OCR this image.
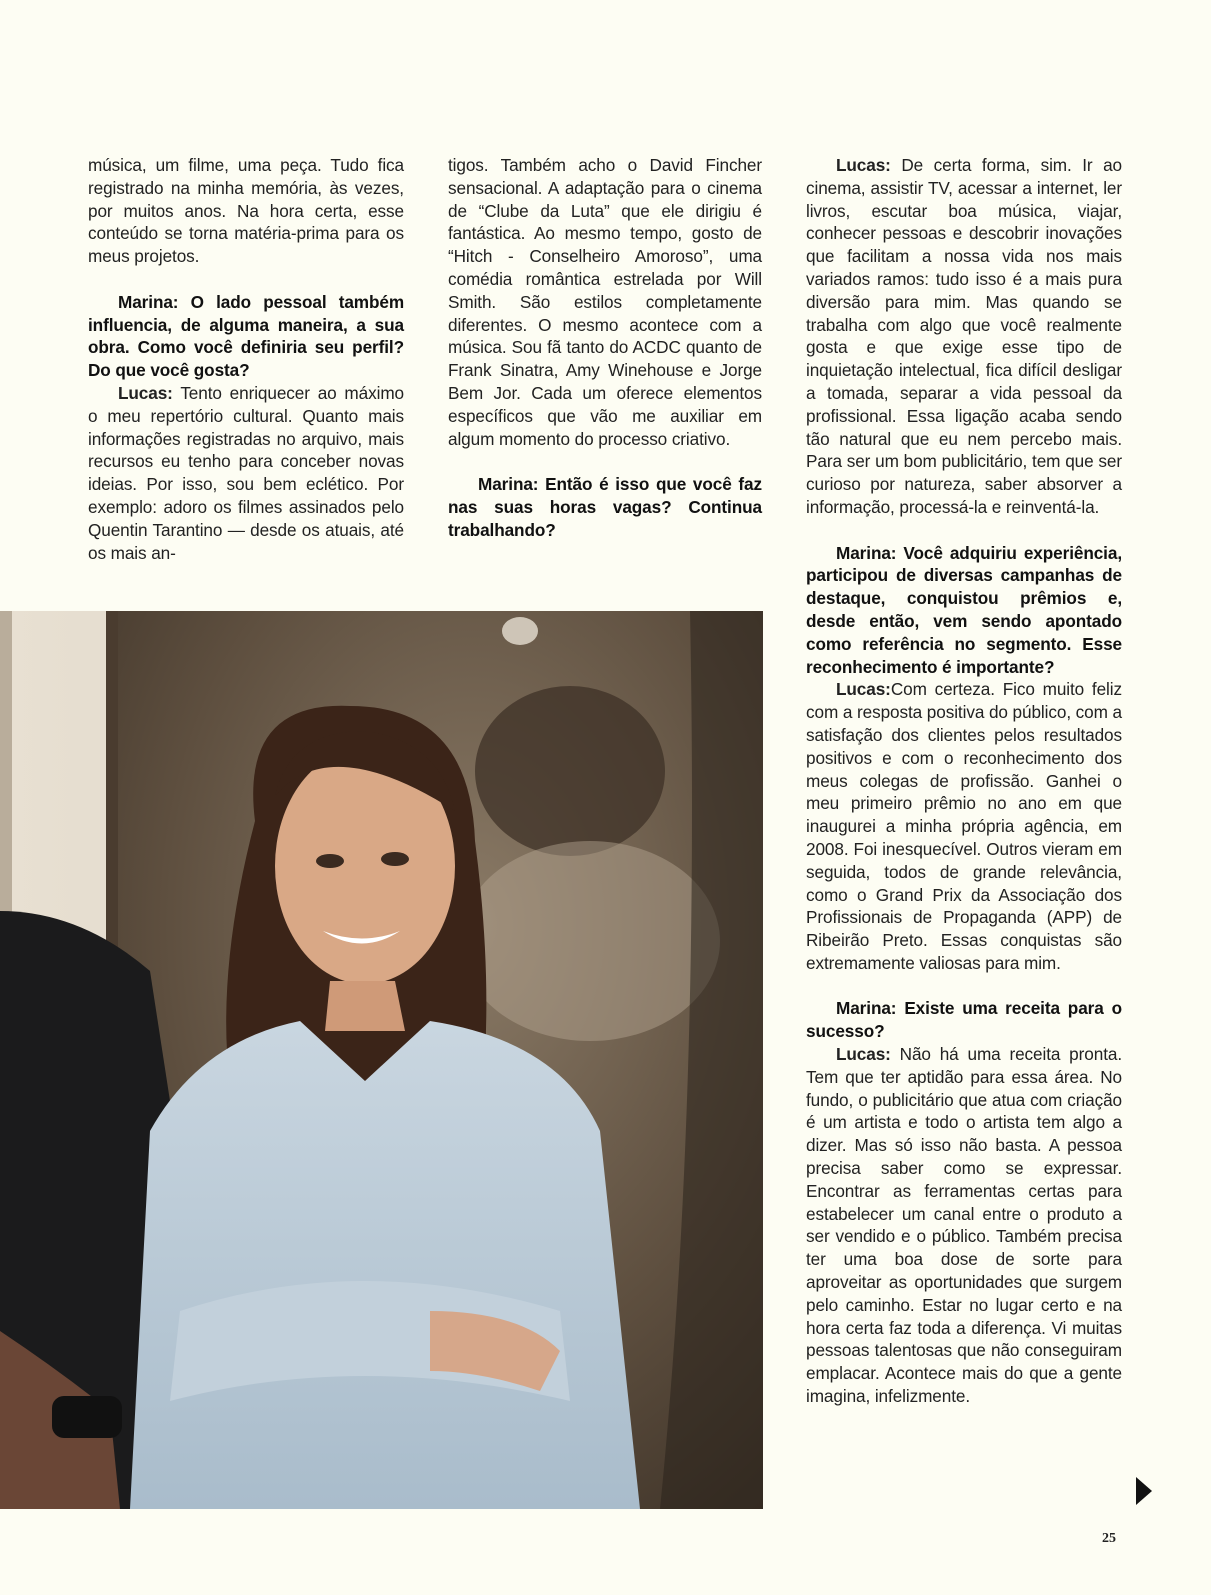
música, um filme, uma peça. Tudo fica registrado na minha memória, às vezes, por muitos anos. Na hora certa, esse conteúdo se torna matéria-prima para os meus projetos.

Marina: O lado pessoal também influencia, de alguma maneira, a sua obra. Como você definiria seu perfil? Do que você gosta?

Lucas: Tento enriquecer ao máximo o meu repertório cultural. Quanto mais informações registradas no arquivo, mais recursos eu tenho para conceber novas ideias. Por isso, sou bem eclético. Por exemplo: adoro os filmes assinados pelo Quentin Tarantino — desde os atuais, até os mais an-

tigos. Também acho o David Fincher sensacional. A adaptação para o cinema de “Clube da Luta” que ele dirigiu é fantástica. Ao mesmo tempo, gosto de “Hitch - Conselheiro Amoroso”, uma comédia romântica estrelada por Will Smith. São estilos completamente diferentes. O mesmo acontece com a música. Sou fã tanto do ACDC quanto de Frank Sinatra, Amy Winehouse e Jorge Bem Jor. Cada um oferece elementos específicos que vão me auxiliar em algum momento do processo criativo.

Marina: Então é isso que você faz nas suas horas vagas? Continua trabalhando?

Lucas: De certa forma, sim. Ir ao cinema, assistir TV, acessar a internet, ler livros, escutar boa música, viajar, conhecer pessoas e descobrir inovações que facilitam a nossa vida nos mais variados ramos: tudo isso é a mais pura diversão para mim. Mas quando se trabalha com algo que você realmente gosta e que exige esse tipo de inquietação intelectual, fica difícil desligar a tomada, separar a vida pessoal da profissional. Essa ligação acaba sendo tão natural que eu nem percebo mais. Para ser um bom publicitário, tem que ser curioso por natureza, saber absorver a informação, processá-la e reinventá-la.

Marina: Você adquiriu experiência, participou de diversas campanhas de destaque, conquistou prêmios e, desde então, vem sendo apontado como referência no segmento. Esse reconhecimento é importante?

Lucas:Com certeza. Fico muito feliz com a resposta positiva do público, com a satisfação dos clientes pelos resultados positivos e com o reconhecimento dos meus colegas de profissão. Ganhei o meu primeiro prêmio no ano em que inaugurei a minha própria agência, em 2008. Foi inesquecível. Outros vieram em seguida, todos de grande relevância, como o Grand Prix da Associação dos Profissionais de Propaganda (APP) de Ribeirão Preto. Essas conquistas são extremamente valiosas para mim.

Marina: Existe uma receita para o sucesso?

Lucas: Não há uma receita pronta. Tem que ter aptidão para essa área. No fundo, o publicitário que atua com criação é um artista e todo o artista tem algo a dizer. Mas só isso não basta. A pessoa precisa saber como se expressar. Encontrar as ferramentas certas para estabelecer um canal entre o produto a ser vendido e o público. Também precisa ter uma boa dose de sorte para aproveitar as oportunidades que surgem pelo caminho. Estar no lugar certo e na hora certa faz toda a diferença. Vi muitas pessoas talentosas que não conseguiram emplacar. Acontece mais do que a gente imagina, infelizmente.

25
